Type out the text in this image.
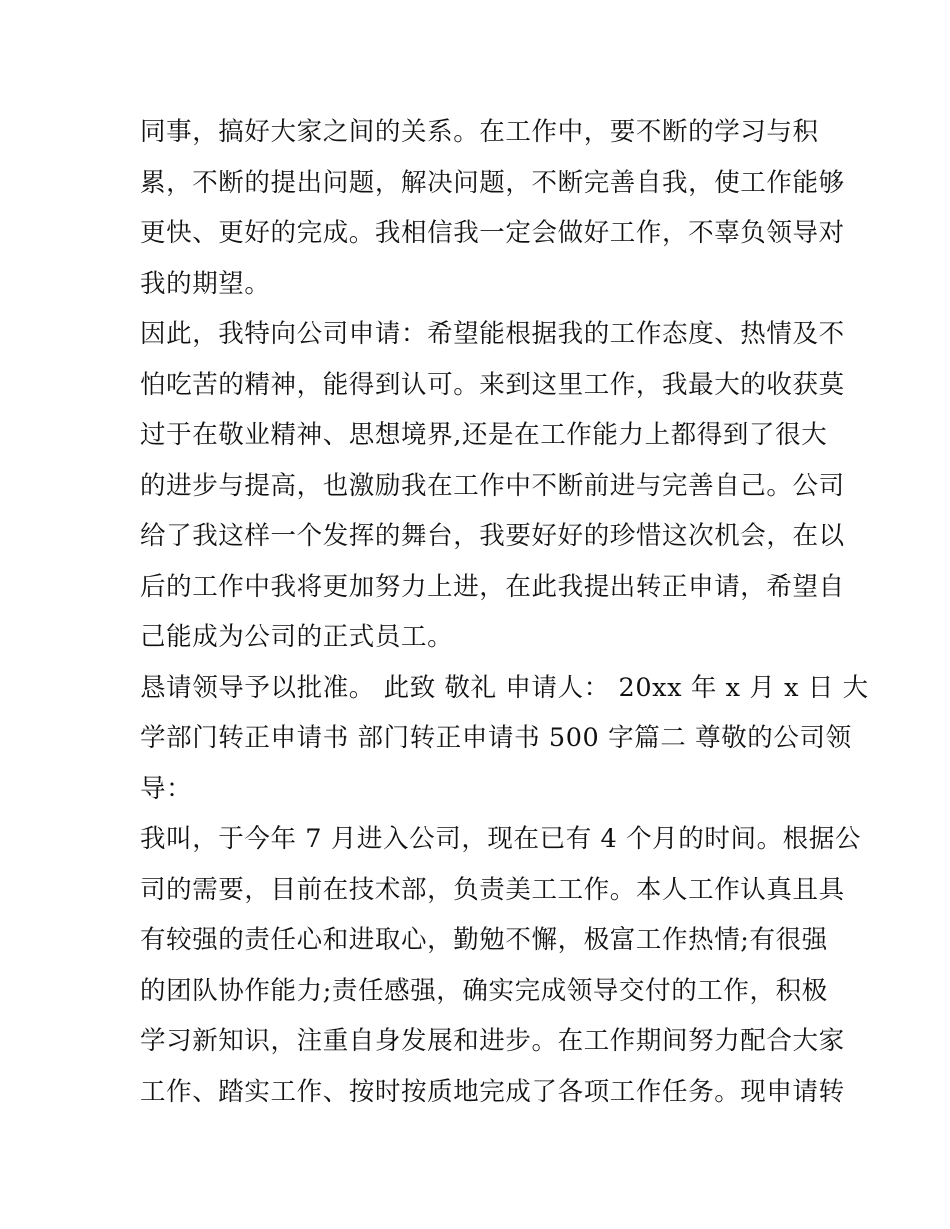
同事，搞好大家之间的关系。在工作中，要不断的学习与积
累，不断的提出问题，解决问题，不断完善自我，使工作能够
更快、更好的完成。我相信我一定会做好工作，不辜负领导对
我的期望。

因此，我特向公司申请：希望能根据我的工作态度、热情及不
怕吃苦的精神，能得到认可。来到这里工作，我最大的收获莫
过于在敬业精神、思想境界,还是在工作能力上都得到了很大
的进步与提高，也激励我在工作中不断前进与完善自己。公司
给了我这样一个发挥的舞台，我要好好的珍惜这次机会，在以
后的工作中我将更加努力上进，在此我提出转正申请，希望自
己能成为公司的正式员工。

恳请领导予以批准。 此致 敬礼 申请人： 20xx 年 x 月 x 日 大
学部门转正申请书 部门转正申请书 500 字篇二 尊敬的公司领
导：

我叫，于今年 7 月进入公司，现在已有 4 个月的时间。根据公
司的需要，目前在技术部，负责美工工作。本人工作认真且具
有较强的责任心和进取心，勤勉不懈，极富工作热情;有很强
的团队协作能力;责任感强，确实完成领导交付的工作，积极
学习新知识，注重自身发展和进步。在工作期间努力配合大家
工作、踏实工作、按时按质地完成了各项工作任务。现申请转
